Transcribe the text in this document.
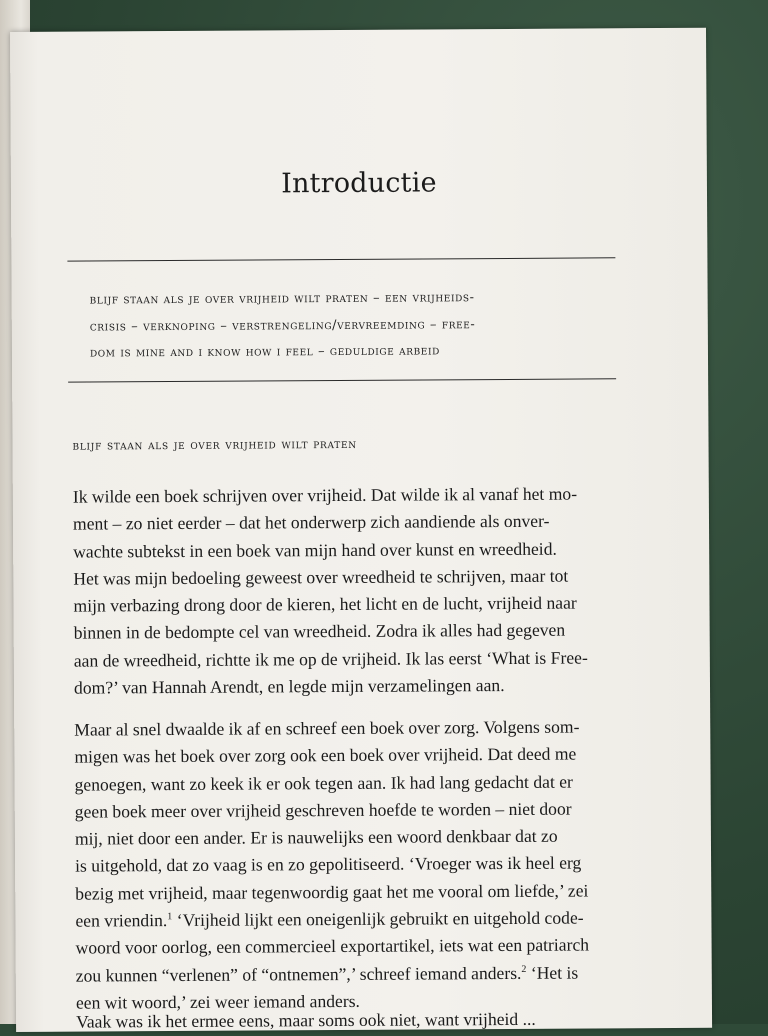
Introductie
blijf staan als je over vrijheid wilt praten – een vrijheids-
crisis – verknoping – verstrengeling/vervreemding – free-
dom is mine and i know how i feel – geduldige arbeid
blijf staan als je over vrijheid wilt praten
Ik wilde een boek schrijven over vrijheid. Dat wilde ik al vanaf het mo-
ment – zo niet eerder – dat het onderwerp zich aandiende als onver-
wachte subtekst in een boek van mijn hand over kunst en wreedheid.
Het was mijn bedoeling geweest over wreedheid te schrijven, maar tot
mijn verbazing drong door de kieren, het licht en de lucht, vrijheid naar
binnen in de bedompte cel van wreedheid. Zodra ik alles had gegeven
aan de wreedheid, richtte ik me op de vrijheid. Ik las eerst ‘What is Free-
dom?’ van Hannah Arendt, en legde mijn verzamelingen aan.
Maar al snel dwaalde ik af en schreef een boek over zorg. Volgens som-
migen was het boek over zorg ook een boek over vrijheid. Dat deed me
genoegen, want zo keek ik er ook tegen aan. Ik had lang gedacht dat er
geen boek meer over vrijheid geschreven hoefde te worden – niet door
mij, niet door een ander. Er is nauwelijks een woord denkbaar dat zo
is uitgehold, dat zo vaag is en zo gepolitiseerd. ‘Vroeger was ik heel erg
bezig met vrijheid, maar tegenwoordig gaat het me vooral om liefde,’ zei
een vriendin.$^1$ ‘Vrijheid lijkt een oneigenlijk gebruikt en uitgehold code-
woord voor oorlog, een commercieel exportartikel, iets wat een patriarch
zou kunnen “verlenen” of “ontnemen”,’ schreef iemand anders.$^2$ ‘Het is
een wit woord,’ zei weer iemand anders.
Vaak was ik het ermee eens, maar soms ook niet, want vrijheid ...
